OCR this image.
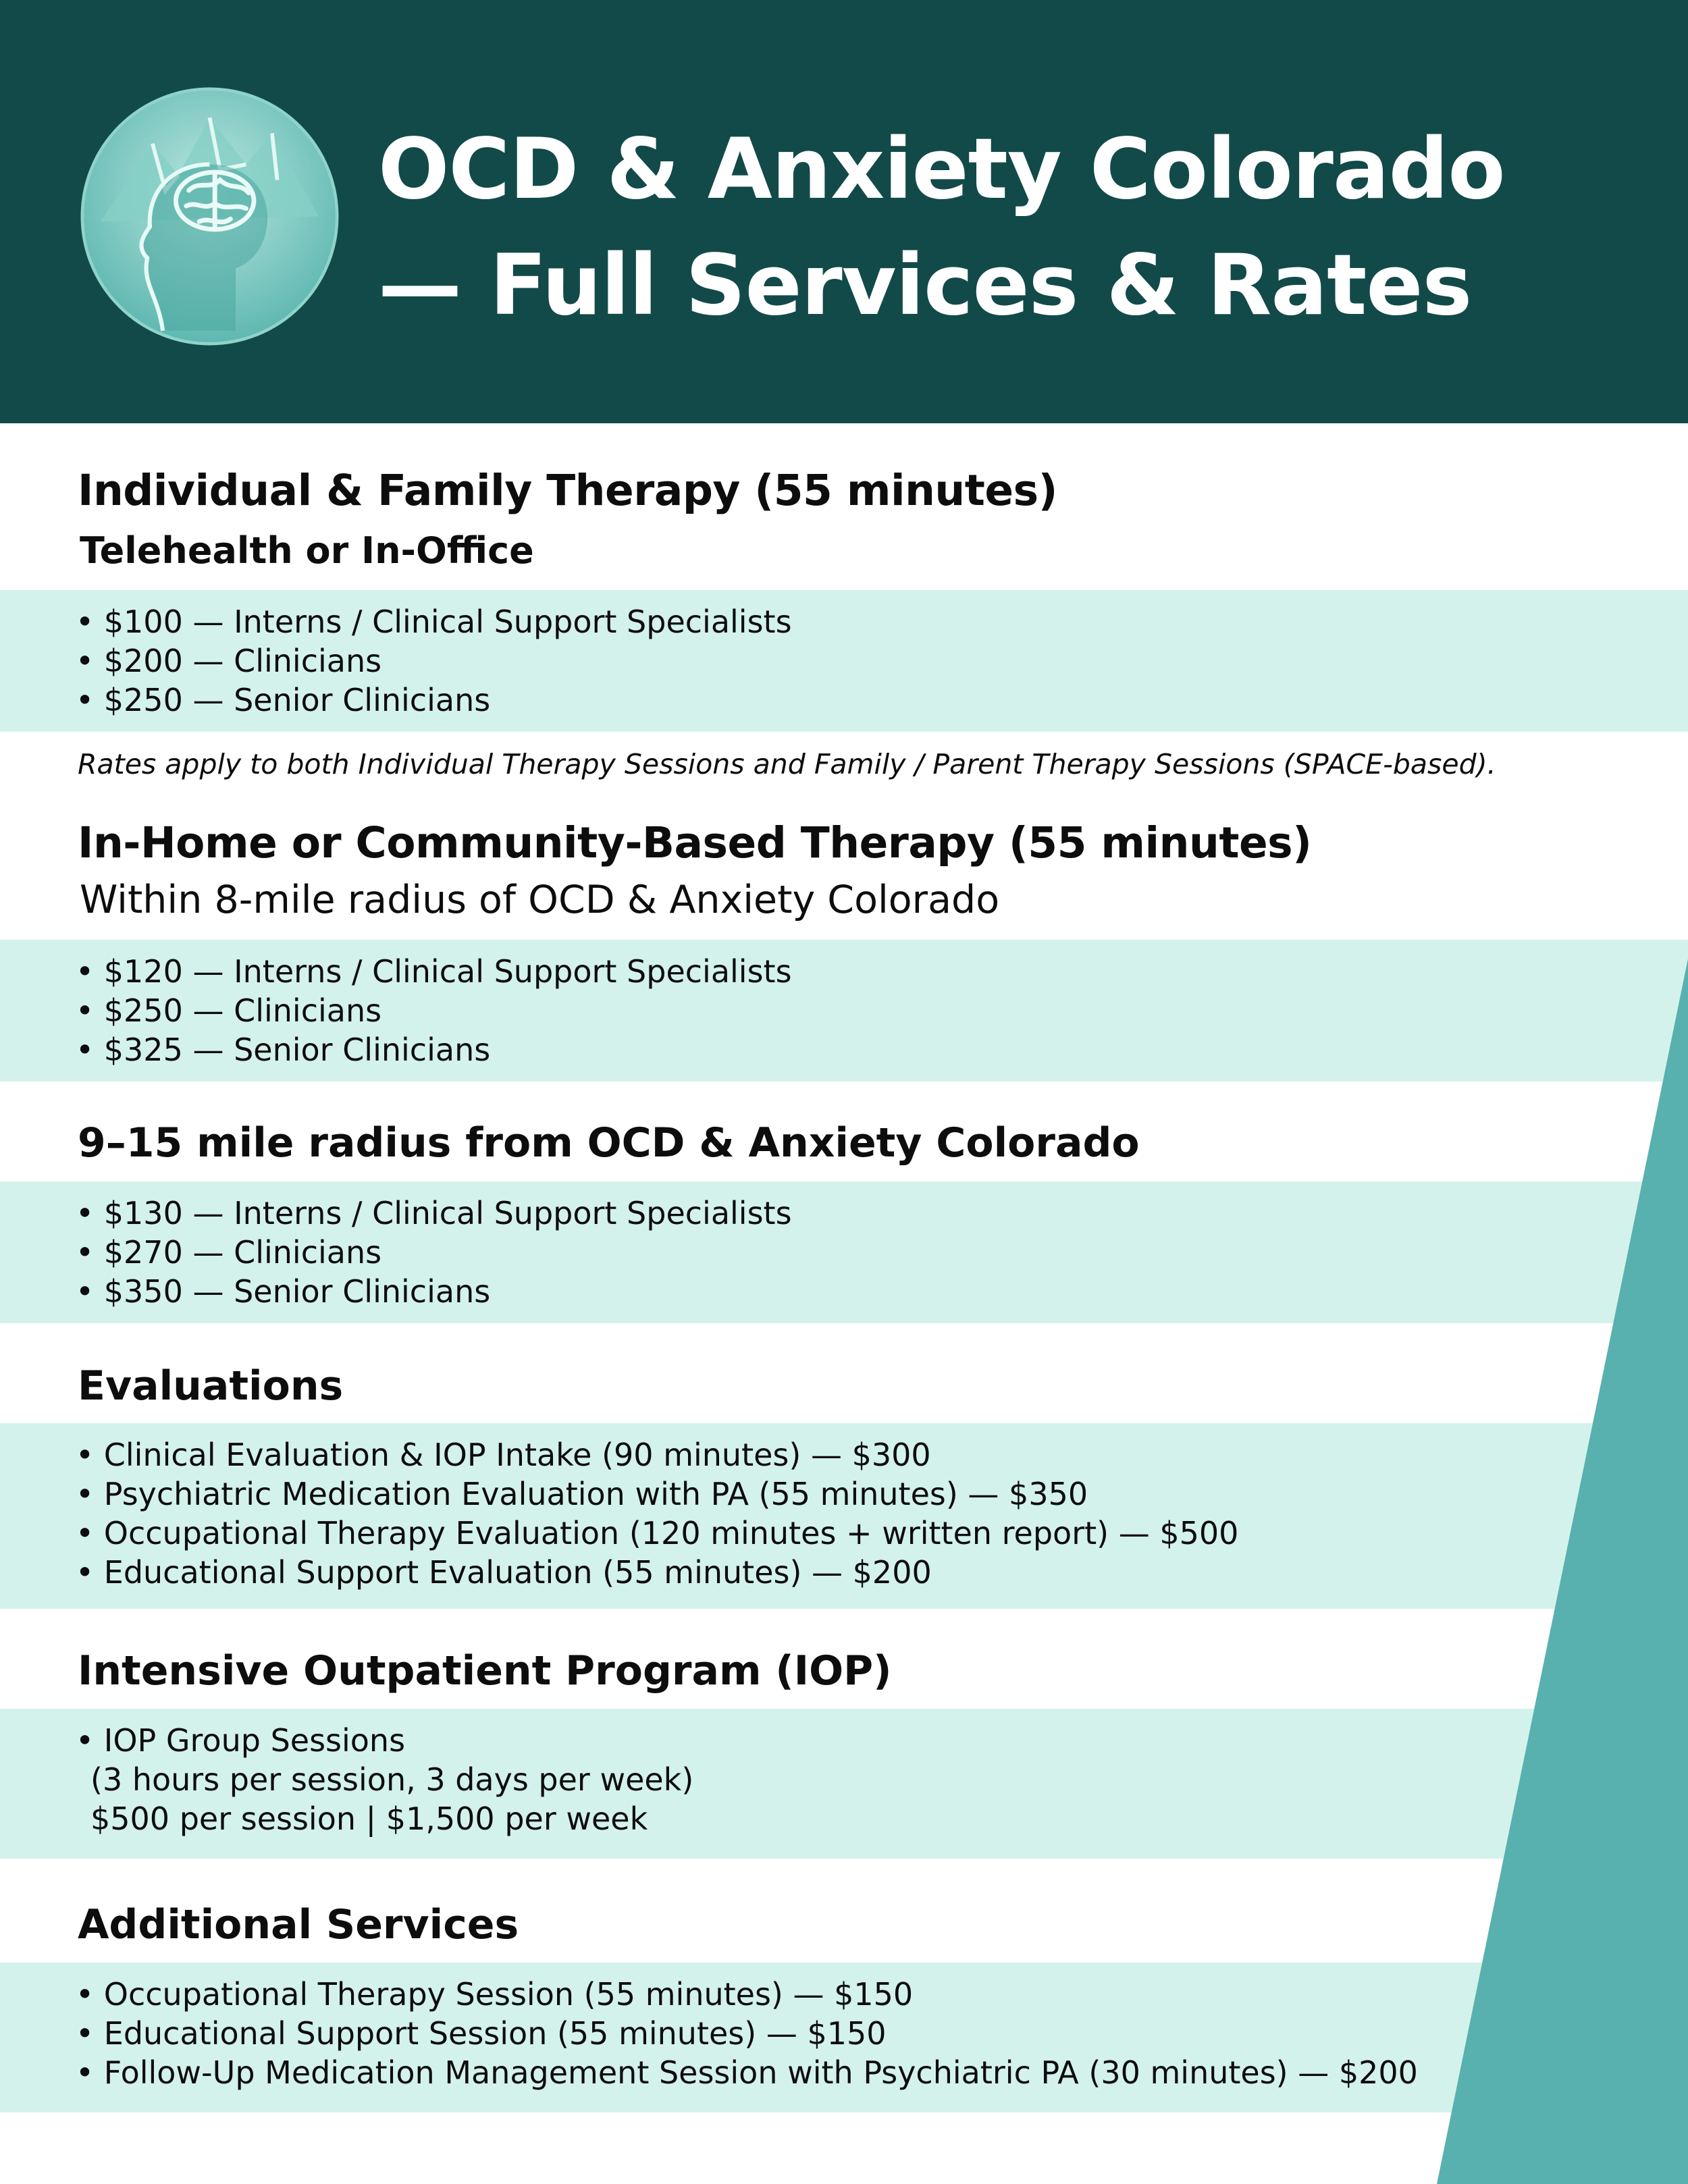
OCD & Anxiety Colorado
— Full Services & Rates
Individual & Family Therapy (55 minutes)

Telehealth or In-Office

• $100 — Interns / Clinical Support Specialists
• $200 — Clinicians
• $250 — Senior Clinicians

Rates apply to both Individual Therapy Sessions and Family / Parent Therapy Sessions (SPACE-based).

In-Home or Community-Based Therapy (55 minutes)

Within 8-mile radius of OCD & Anxiety Colorado

• $120 — Interns / Clinical Support Specialists
• $250 — Clinicians
• $325 — Senior Clinicians
9–15 mile radius from OCD & Anxiety Colorado
• $130 — Interns / Clinical Support Specialists
• $270 — Clinicians
• $350 — Senior Clinicians
Evaluations
• Clinical Evaluation & IOP Intake (90 minutes) — $300
• Psychiatric Medication Evaluation with PA (55 minutes) — $350
• Occupational Therapy Evaluation (120 minutes + written report) — $500
• Educational Support Evaluation (55 minutes) — $200
Intensive Outpatient Program (IOP)
• IOP Group Sessions
(3 hours per session, 3 days per week)
$500 per session | $1,500 per week
Additional Services
• Occupational Therapy Session (55 minutes) — $150
• Educational Support Session (55 minutes) — $150
• Follow-Up Medication Management Session with Psychiatric PA (30 minutes) — $200
